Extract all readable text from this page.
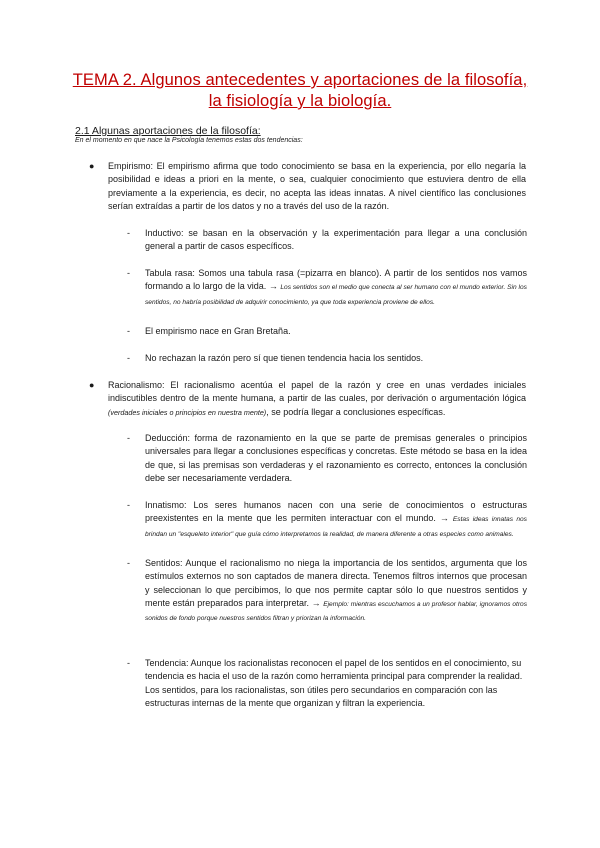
TEMA 2. Algunos antecedentes y aportaciones de la filosofía,
la fisiología y la biología.
2.1 Algunas aportaciones de la filosofía:
En el momento en que nace la Psicología tenemos estas dos tendencias:
● Empirismo: El empirismo afirma que todo conocimiento se basa en la experiencia, por ello negaría la posibilidad e ideas a priori en la mente, o sea, cualquier conocimiento que estuviera dentro de ella previamente a la experiencia, es decir, no acepta las ideas innatas. A nivel científico las conclusiones serían extraídas a partir de los datos y no a través del uso de la razón.
- Inductivo: se basan en la observación y la experimentación para llegar a una conclusión general a partir de casos específicos.
- Tabula rasa: Somos una tabula rasa (=pizarra en blanco). A partir de los sentidos nos vamos formando a lo largo de la vida. → Los sentidos son el medio que conecta al ser humano con el mundo exterior. Sin los sentidos, no habría posibilidad de adquirir conocimiento, ya que toda experiencia proviene de ellos.
- El empirismo nace en Gran Bretaña.
- No rechazan la razón pero sí que tienen tendencia hacia los sentidos.
● Racionalismo: El racionalismo acentúa el papel de la razón y cree en unas verdades iniciales indiscutibles dentro de la mente humana, a partir de las cuales, por derivación o argumentación lógica (verdades iniciales o principios en nuestra mente), se podría llegar a conclusiones específicas.
- Deducción: forma de razonamiento en la que se parte de premisas generales o principios universales para llegar a conclusiones específicas y concretas. Este método se basa en la idea de que, si las premisas son verdaderas y el razonamiento es correcto, entonces la conclusión debe ser necesariamente verdadera.
- Innatismo: Los seres humanos nacen con una serie de conocimientos o estructuras preexistentes en la mente que les permiten interactuar con el mundo. → Estas ideas innatas nos brindan un "esqueleto interior" que guía cómo interpretamos la realidad, de manera diferente a otras especies como animales.
- Sentidos: Aunque el racionalismo no niega la importancia de los sentidos, argumenta que los estímulos externos no son captados de manera directa. Tenemos filtros internos que procesan y seleccionan lo que percibimos, lo que nos permite captar sólo lo que nuestros sentidos y mente están preparados para interpretar. → Ejemplo: mientras escuchamos a un profesor hablar, ignoramos otros sonidos de fondo porque nuestros sentidos filtran y priorizan la información.
- Tendencia: Aunque los racionalistas reconocen el papel de los sentidos en el conocimiento, su tendencia es hacia el uso de la razón como herramienta principal para comprender la realidad. Los sentidos, para los racionalistas, son útiles pero secundarios en comparación con las estructuras internas de la mente que organizan y filtran la experiencia.
